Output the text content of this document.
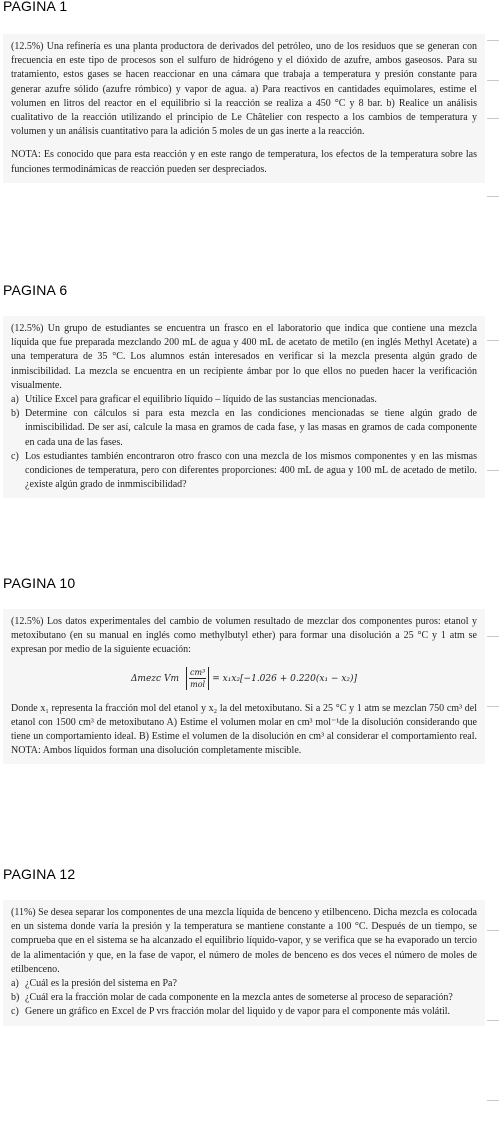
PAGINA 1

(12.5%) Una refinería es una planta productora de derivados del petróleo, uno de los residuos que se generan con frecuencia en este tipo de procesos son el sulfuro de hidrógeno y el dióxido de azufre, ambos gaseosos. Para su tratamiento, estos gases se hacen reaccionar en una cámara que trabaja a temperatura y presión constante para generar azufre sólido (azufre rómbico) y vapor de agua. a) Para reactivos en cantidades equimolares, estime el volumen en litros del reactor en el equilibrio si la reacción se realiza a 450 °C y 8 bar. b) Realice un análisis cualitativo de la reacción utilizando el principio de Le Châtelier con respecto a los cambios de temperatura y volumen y un análisis cuantitativo para la adición 5 moles de un gas inerte a la reacción.

NOTA: Es conocido que para esta reacción y en este rango de temperatura, los efectos de la temperatura sobre las funciones termodinámicas de reacción pueden ser despreciados.

PAGINA 6

(12.5%) Un grupo de estudiantes se encuentra un frasco en el laboratorio que indica que contiene una mezcla líquida que fue preparada mezclando 200 mL de agua y 400 mL de acetato de metilo (en inglés Methyl Acetate) a una temperatura de 35 °C. Los alumnos están interesados en verificar si la mezcla presenta algún grado de inmiscibilidad. La mezcla se encuentra en un recipiente ámbar por lo que ellos no pueden hacer la verificación visualmente.

a) Utilice Excel para graficar el equilibrio líquido – líquido de las sustancias mencionadas.
b) Determine con cálculos si para esta mezcla en las condiciones mencionadas se tiene algún grado de inmiscibilidad. De ser así, calcule la masa en gramos de cada fase, y las masas en gramos de cada componente en cada una de las fases.
c) Los estudiantes también encontraron otro frasco con una mezcla de los mismos componentes y en las mismas condiciones de temperatura, pero con diferentes proporciones: 400 mL de agua y 100 mL de acetado de metilo. ¿existe algún grado de inmmiscibilidad?
PAGINA 10

(12.5%) Los datos experimentales del cambio de volumen resultado de mezclar dos componentes puros: etanol y metoxibutano (en su manual en inglés como methylbutyl ether) para formar una disolución a 25 °C y 1 atm se expresan por medio de la siguiente ecuación:

Δmezc Vm
cm³
mol
= x₁x₂[−1.026 + 0.220(x₁ − x₂)]

Donde x₁ representa la fracción mol del etanol y x₂ la del metoxibutano. Si a 25 °C y 1 atm se mezclan 750 cm³ del etanol con 1500 cm³ de metoxibutano A) Estime el volumen molar en cm³ mol⁻¹de la disolución considerando que tiene un comportamiento ideal. B) Estime el volumen de la disolución en cm³ al considerar el comportamiento real. NOTA: Ambos líquidos forman una disolución completamente miscible.

PAGINA 12

(11%) Se desea separar los componentes de una mezcla líquida de benceno y etilbenceno. Dicha mezcla es colocada en un sistema donde varía la presión y la temperatura se mantiene constante a 100 °C. Después de un tiempo, se comprueba que en el sistema se ha alcanzado el equilibrio líquido-vapor, y se verifica que se ha evaporado un tercio de la alimentación y que, en la fase de vapor, el número de moles de benceno es dos veces el número de moles de etilbenceno.

a) ¿Cuál es la presión del sistema en Pa?
b) ¿Cuál era la fracción molar de cada componente en la mezcla antes de someterse al proceso de separación?
c) Genere un gráfico en Excel de P vrs fracción molar del liquido y de vapor para el componente más volátil.
